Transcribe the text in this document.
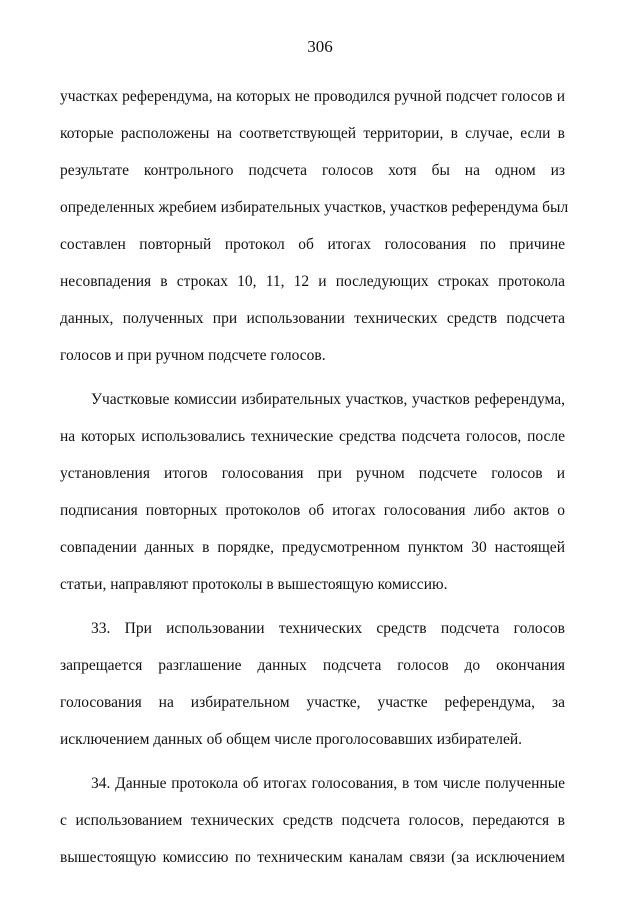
306
участках референдума, на которых не проводился ручной подсчет голосов и
которые расположены на соответствующей территории, в случае, если в
результате контрольного подсчета голосов хотя бы на одном из
определенных жребием избирательных участков, участков референдума был
составлен повторный протокол об итогах голосования по причине
несовпадения в строках 10, 11, 12 и последующих строках протокола
данных, полученных при использовании технических средств подсчета
голосов и при ручном подсчете голосов.
Участковые комиссии избирательных участков, участков референдума,
на которых использовались технические средства подсчета голосов, после
установления итогов голосования при ручном подсчете голосов и
подписания повторных протоколов об итогах голосования либо актов о
совпадении данных в порядке, предусмотренном пунктом 30 настоящей
статьи, направляют протоколы в вышестоящую комиссию.
33. При использовании технических средств подсчета голосов
запрещается разглашение данных подсчета голосов до окончания
голосования на избирательном участке, участке референдума, за
исключением данных об общем числе проголосовавших избирателей.
34. Данные протокола об итогах голосования, в том числе полученные
с использованием технических средств подсчета голосов, передаются в
вышестоящую комиссию по техническим каналам связи (за исключением
